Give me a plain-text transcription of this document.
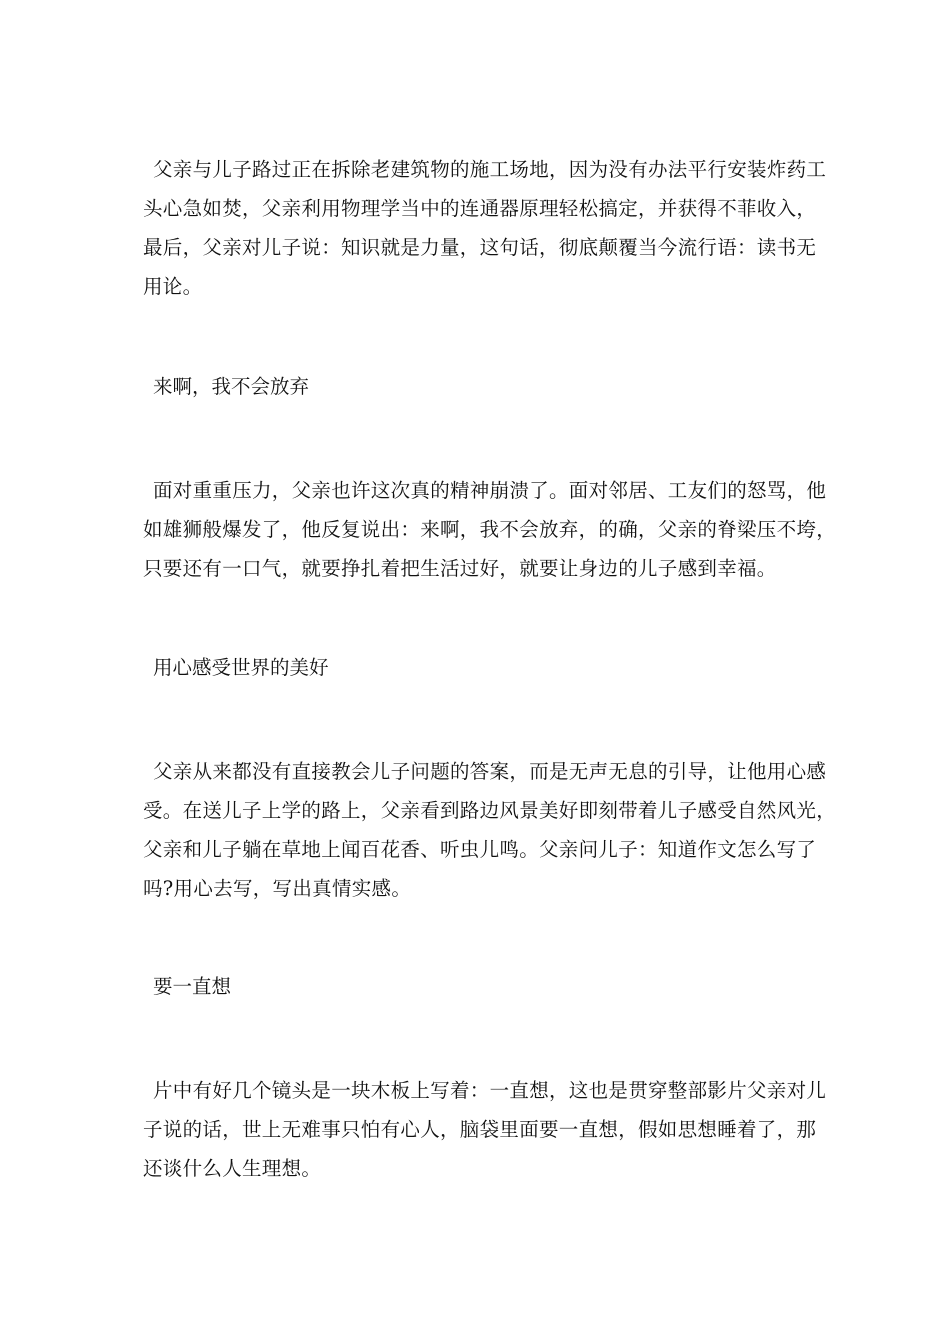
父亲与儿子路过正在拆除老建筑物的施工场地，因为没有办法平行安装炸药工
头心急如焚，父亲利用物理学当中的连通器原理轻松搞定，并获得不菲收入，
最后，父亲对儿子说：知识就是力量，这句话，彻底颠覆当今流行语：读书无
用论。
来啊，我不会放弃
面对重重压力，父亲也许这次真的精神崩溃了。面对邻居、工友们的怒骂，他
如雄狮般爆发了，他反复说出：来啊，我不会放弃，的确，父亲的脊梁压不垮，
只要还有一口气，就要挣扎着把生活过好，就要让身边的儿子感到幸福。
用心感受世界的美好
父亲从来都没有直接教会儿子问题的答案，而是无声无息的引导，让他用心感
受。在送儿子上学的路上，父亲看到路边风景美好即刻带着儿子感受自然风光，
父亲和儿子躺在草地上闻百花香、听虫儿鸣。父亲问儿子：知道作文怎么写了
吗?用心去写，写出真情实感。
要一直想
片中有好几个镜头是一块木板上写着：一直想，这也是贯穿整部影片父亲对儿
子说的话，世上无难事只怕有心人，脑袋里面要一直想，假如思想睡着了，那
还谈什么人生理想。
